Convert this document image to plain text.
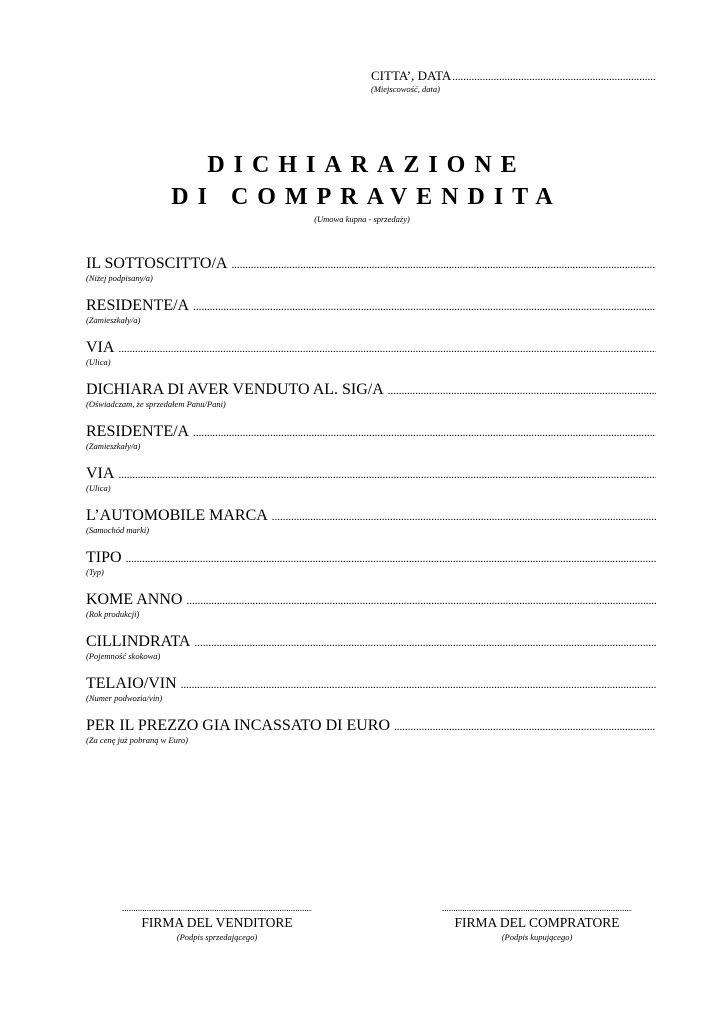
CITTA’, DATA
.....
(Miejscowość, data)
DICHIARAZIONE
DI COMPRAVENDITA
(Umowa kupna - sprzedaży)
IL SOTTOSCITTO/A
.....
(Niżej podpisany/a)
RESIDENTE/A
.....
(Zamieszkały/a)
VIA
.....
(Ulica)
DICHIARA DI AVER VENDUTO AL. SIG/A
.....
(Oświadczam, że sprzedałem Panu/Pani)
RESIDENTE/A
.....
(Zamieszkały/a)
VIA
.....
(Ulica)
L’AUTOMOBILE MARCA
.....
(Samochód marki)
TIPO
.....
(Typ)
KOME ANNO
.....
(Rok produkcji)
CILLINDRATA
.....
(Pojemność skokowa)
TELAIO/VIN
.....
(Numer podwozia/vin)
PER IL PREZZO GIA INCASSATO DI EURO
.....
(Za cenę już pobraną w Euro)
.....
FIRMA DEL VENDITORE
(Podpis sprzedającego)
.....
FIRMA DEL COMPRATORE
(Podpis kupującego)
